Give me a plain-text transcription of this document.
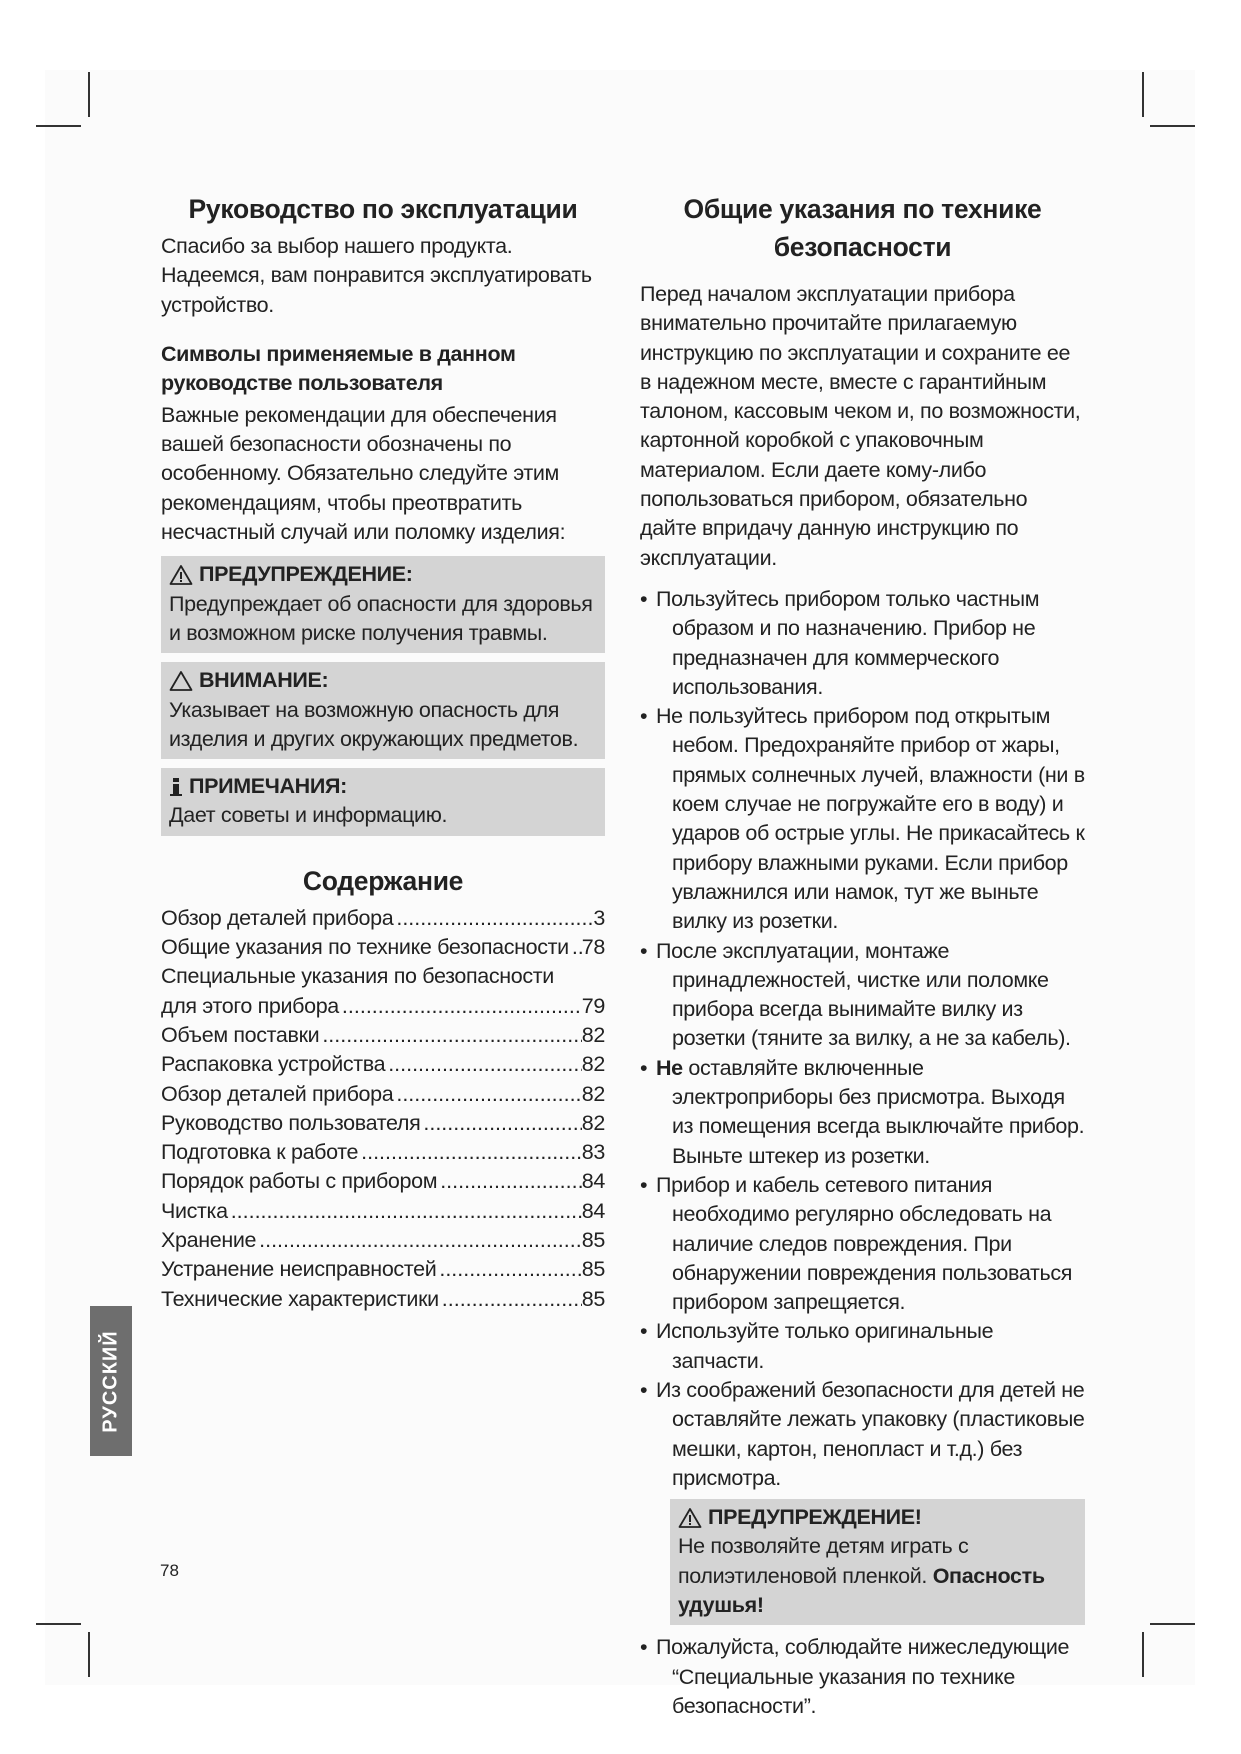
Руководство по эксплуатации

Спасибо за выбор нашего продукта. Надеемся, вам понравится эксплуатировать устройство.

Символы применяемые в данном руководстве пользователя

Важные рекомендации для обеспечения вашей безопасности обозначены по особенному. Обязательно следуйте этим рекомендациям, чтобы преотвратить несчастный случай или поломку изделия:

ПРЕДУПРЕЖДЕНИЕ:

Предупреждает об опасности для здоровья и возможном риске получения травмы.

ВНИМАНИЕ:

Указывает на возможную опасность для изделия и других окружающих предметов.

ПРИМЕЧАНИЯ:

Дает советы и информацию.

Содержание
Обзор деталей прибора .....	3
Общие указания по технике безопасности ..... 78
Специальные указания по безопасности
для этого прибора .....	79
Объем поставки .....	82
Распаковка устройства .....	82
Обзор деталей прибора .....	82
Руководство пользователя .....	82
Подготовка к работе .....	83
Порядок работы с прибором .....	84
Чистка .....	84
Хранение .....	85
Устранение неисправностей .....	85
Технические характеристики .....	85
Общие указания по технике
безопасности

Перед началом эксплуатации прибора внимательно прочитайте прилагаемую инструкцию по эксплуатации и сохраните ее в надежном месте, вместе с гарантийным талоном, кассовым чеком и, по возможности, картонной коробкой с упаковочным материалом. Если даете кому-либо попользоваться прибором, обязательно дайте впридачу данную инструкцию по эксплуатации.

• Пользуйтесь прибором только частным образом и по назначению. Прибор не предназначен для коммерческого использования.
• Не пользуйтесь прибором под открытым небом. Предохраняйте прибор от жары, прямых солнечных лучей, влажности (ни в коем случае не погружайте его в воду) и ударов об острые углы. Не прикасайтесь к прибору влажными руками. Если прибор увлажнился или намок, тут же выньте вилку из розетки.
• После эксплуатации, монтаже принадлежностей, чистке или поломке прибора всегда вынимайте вилку из розетки (тяните за вилку, а не за кабель).
• Не оставляйте включенные электроприборы без присмотра. Выходя из помещения всегда выключайте прибор. Выньте штекер из розетки.
• Прибор и кабель сетевого питания необходимо регулярно обследовать на наличие следов повреждения. При обнаружении повреждения пользоваться прибором запрещяется.
• Используйте только оригинальные запчасти.
• Из соображений безопасности для детей не оставляйте лежать упаковку (пластиковые мешки, картон, пенопласт и т.д.) без присмотра.
ПРЕДУПРЕЖДЕНИЕ!

Не позволяйте детям играть с полиэтиленовой пленкой. Опасность удушья!

• Пожалуйста, соблюдайте нижеследующие “Специальные указания по технике безопасности”.
РУССКИЙ
78
